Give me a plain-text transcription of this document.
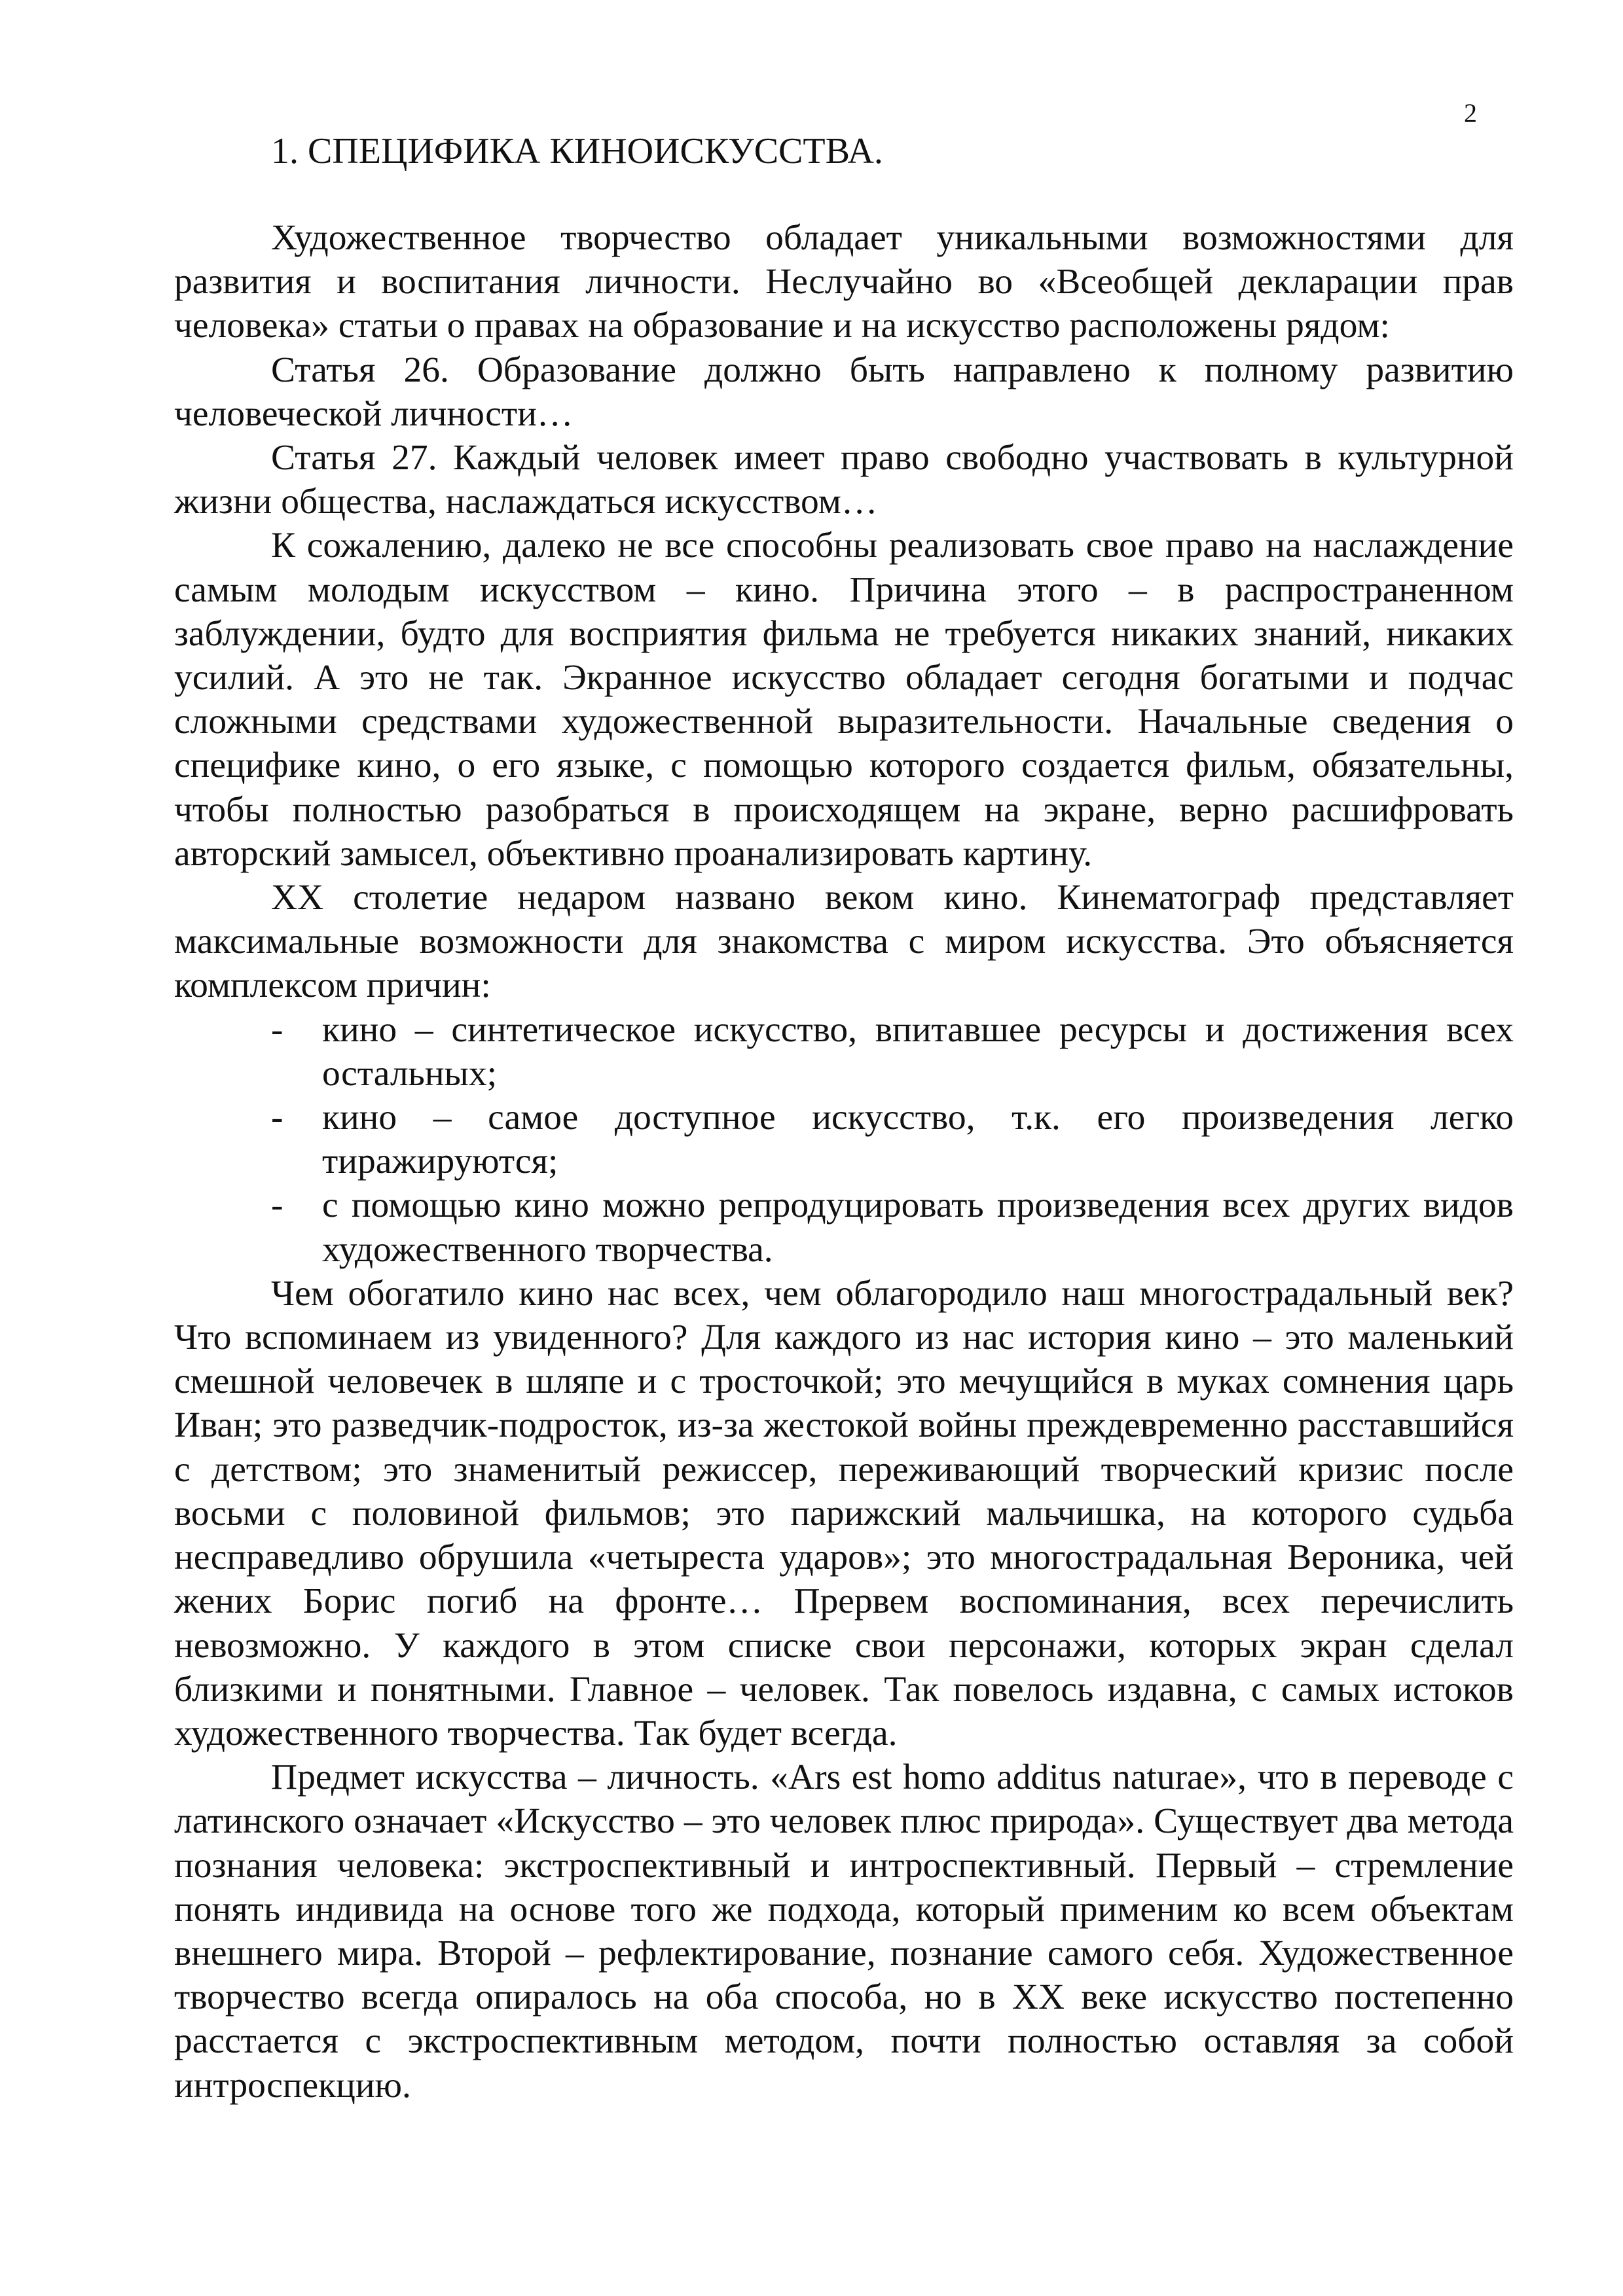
2
1. СПЕЦИФИКА КИНОИСКУССТВА.

Художественное творчество обладает уникальными возможностями для развития и воспитания личности. Неслучайно во «Всеобщей декларации прав человека» статьи о правах на образование и на искусство расположены рядом:

Статья 26. Образование должно быть направлено к полному развитию человеческой личности…

Статья 27. Каждый человек имеет право свободно участвовать в культурной жизни общества, наслаждаться искусством…

К сожалению, далеко не все способны реализовать свое право на наслаждение самым молодым искусством – кино. Причина этого – в распространенном заблуждении, будто для восприятия фильма не требуется никаких знаний, никаких усилий. А это не так. Экранное искусство обладает сегодня богатыми и подчас сложными средствами художественной выразительности. Начальные сведения о специфике кино, о его языке, с помощью которого создается фильм, обязательны, чтобы полностью разобраться в происходящем на экране, верно расшифровать авторский замысел, объективно проанализировать картину.

XX столетие недаром названо веком кино. Кинематограф представляет максимальные возможности для знакомства с миром искусства. Это объясняется комплексом причин:

- кино – синтетическое искусство, впитавшее ресурсы и достижения всех остальных;
- кино – самое доступное искусство, т.к. его произведения легко тиражируются;
- с помощью кино можно репродуцировать произведения всех других видов художественного творчества.

Чем обогатило кино нас всех, чем облагородило наш многострадальный век? Что вспоминаем из увиденного? Для каждого из нас история кино – это маленький смешной человечек в шляпе и с тросточкой; это мечущийся в муках сомнения царь Иван; это разведчик-подросток, из-за жестокой войны преждевременно расставшийся с детством; это знаменитый режиссер, переживающий творческий кризис после восьми с половиной фильмов; это парижский мальчишка, на которого судьба несправедливо обрушила «четыреста ударов»; это многострадальная Вероника, чей жених Борис погиб на фронте… Прервем воспоминания, всех перечислить невозможно. У каждого в этом списке свои персонажи, которых экран сделал близкими и понятными. Главное – человек. Так повелось издавна, с самых истоков художественного творчества. Так будет всегда.

Предмет искусства – личность. «Ars est homo additus naturae», что в переводе с латинского означает «Искусство – это человек плюс природа». Существует два метода познания человека: экстроспективный и интроспективный. Первый – стремление понять индивида на основе того же подхода, который применим ко всем объектам внешнего мира. Второй – рефлектирование, познание самого себя. Художественное творчество всегда опиралось на оба способа, но в XX веке искусство постепенно расстается с экстроспективным методом, почти полностью оставляя за собой интроспекцию.
